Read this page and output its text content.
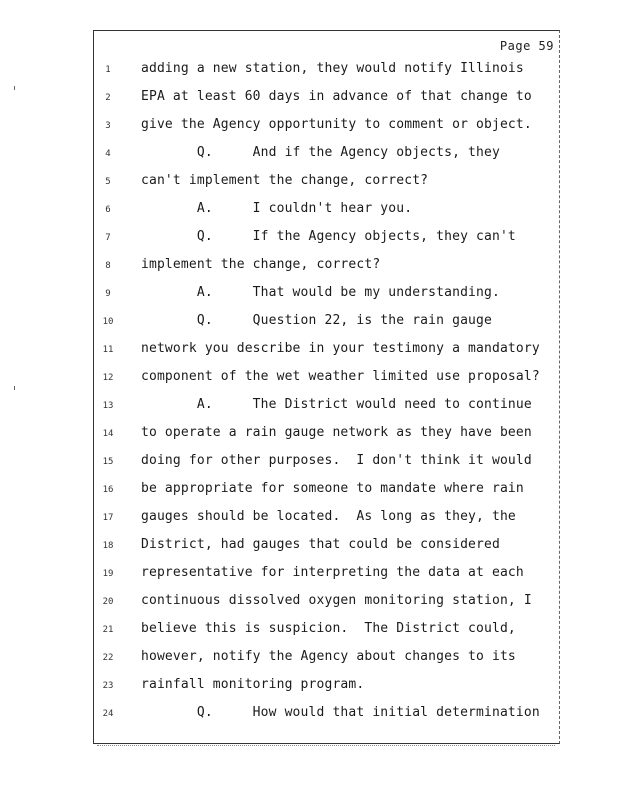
Page 59
1	adding a new station, they would notify Illinois
2	EPA at least 60 days in advance of that change to
3	give the Agency opportunity to comment or object.
4	Q.     And if the Agency objects, they
5	can't implement the change, correct?
6	A.     I couldn't hear you.
7	Q.     If the Agency objects, they can't
8	implement the change, correct?
9	A.     That would be my understanding.
10	Q.     Question 22, is the rain gauge
11	network you describe in your testimony a mandatory
12	component of the wet weather limited use proposal?
13	A.     The District would need to continue
14	to operate a rain gauge network as they have been
15	doing for other purposes.  I don't think it would
16	be appropriate for someone to mandate where rain
17	gauges should be located.  As long as they, the
18	District, had gauges that could be considered
19	representative for interpreting the data at each
20	continuous dissolved oxygen monitoring station, I
21	believe this is suspicion.  The District could,
22	however, notify the Agency about changes to its
23	rainfall monitoring program.
24	Q.     How would that initial determination
